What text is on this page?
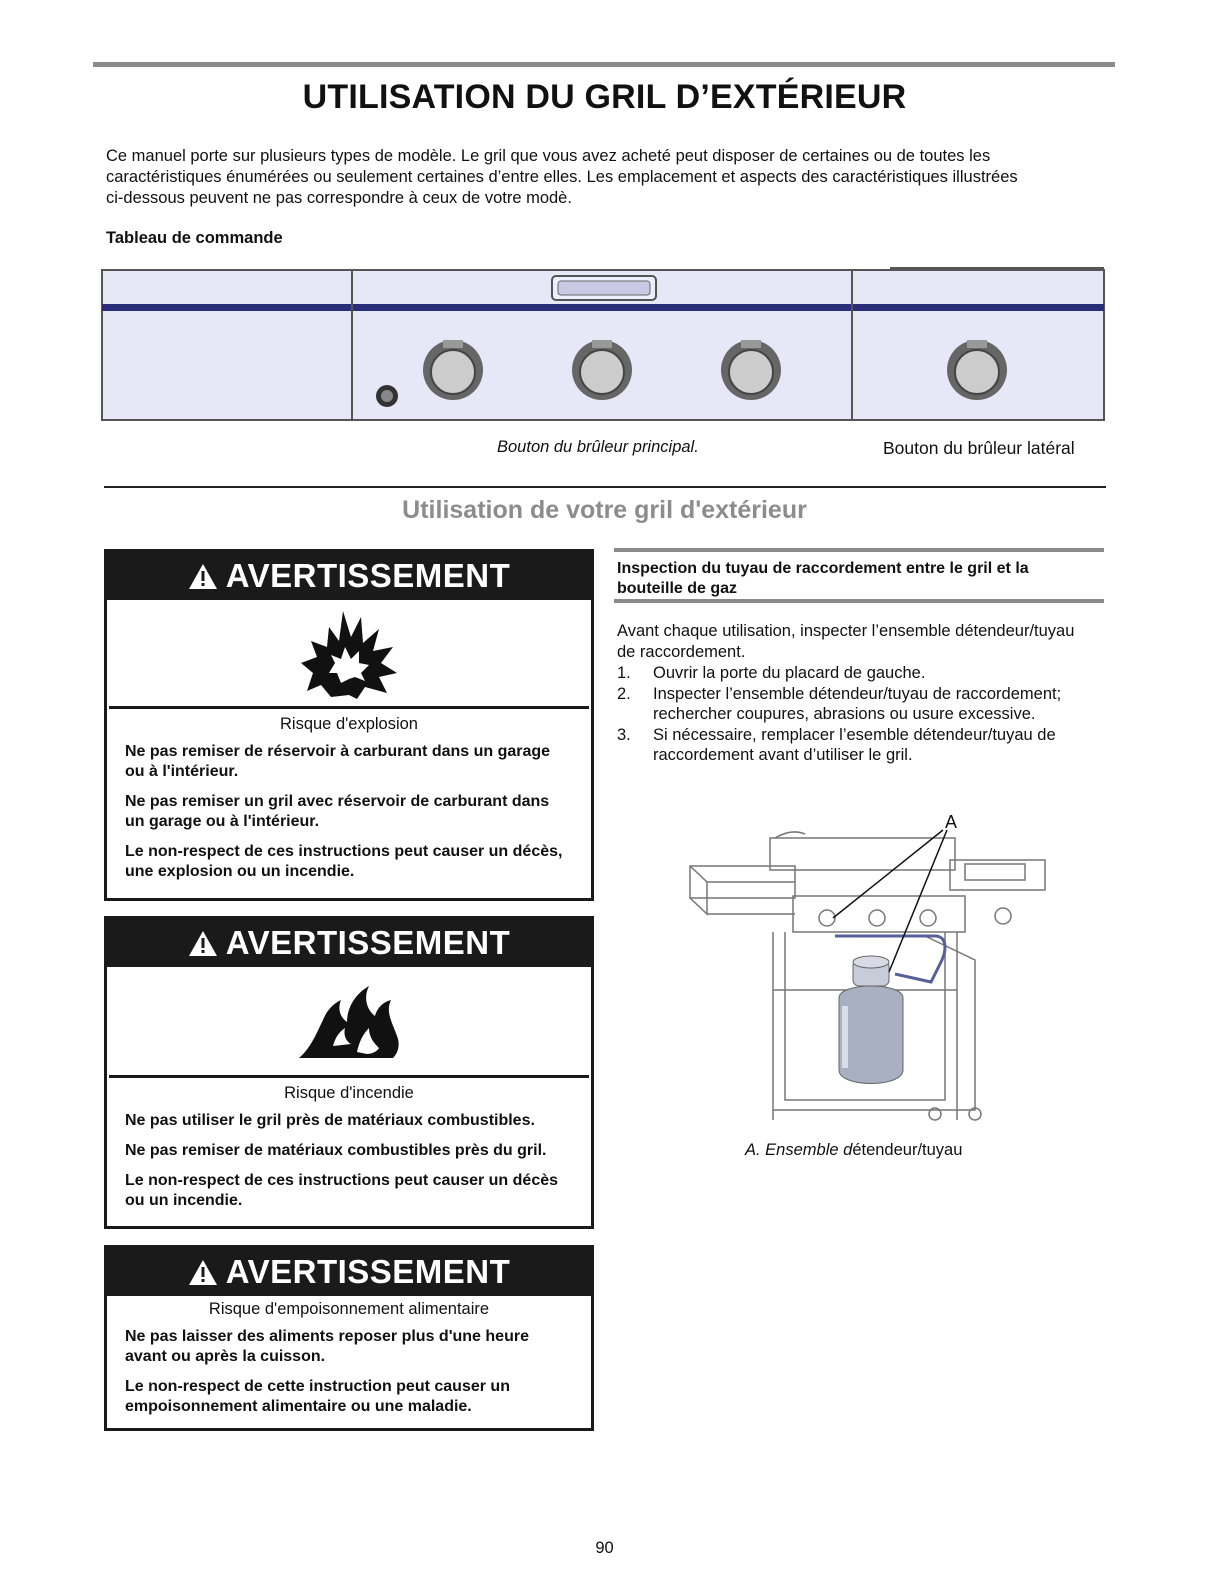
UTILISATION DU GRIL D’EXTÉRIEUR
Ce manuel porte sur plusieurs types de modèle. Le gril que vous avez acheté peut disposer de certaines ou de toutes les
caractéristiques énumérées ou seulement certaines d’entre elles. Les emplacement et aspects des caractéristiques illustrées
ci-dessous peuvent ne pas correspondre à ceux de votre modè.
Tableau de commande
Bouton du brûleur principal.	Bouton du brûleur latéral
Utilisation de votre gril d'extérieur
AVERTISSEMENT
Risque d'explosion

Ne pas remiser de réservoir à carburant dans un garage ou à l'intérieur.

Ne pas remiser un gril avec réservoir de carburant dans un garage ou à l'intérieur.

Le non-respect de ces instructions peut causer un décès, une explosion ou un incendie.

AVERTISSEMENT
Risque d'incendie

Ne pas utiliser le gril près de matériaux combustibles.

Ne pas remiser de matériaux combustibles près du gril.

Le non-respect de ces instructions peut causer un décès ou un incendie.

AVERTISSEMENT
Risque d'empoisonnement alimentaire

Ne pas laisser des aliments reposer plus d'une heure avant ou après la cuisson.

Le non-respect de cette instruction peut causer un empoisonnement alimentaire ou une maladie.

Inspection du tuyau de raccordement entre le gril et la bouteille de gaz
Avant chaque utilisation, inspecter l’ensemble détendeur/tuyau de raccordement.
1.	Ouvrir la porte du placard de gauche.
2.	Inspecter l’ensemble détendeur/tuyau de raccordement; rechercher coupures, abrasions ou usure excessive.
3.	Si nécessaire, remplacer l’esemble détendeur/tuyau de raccordement avant d’utiliser le gril.
A
A. Ensemble détendeur/tuyau
90
